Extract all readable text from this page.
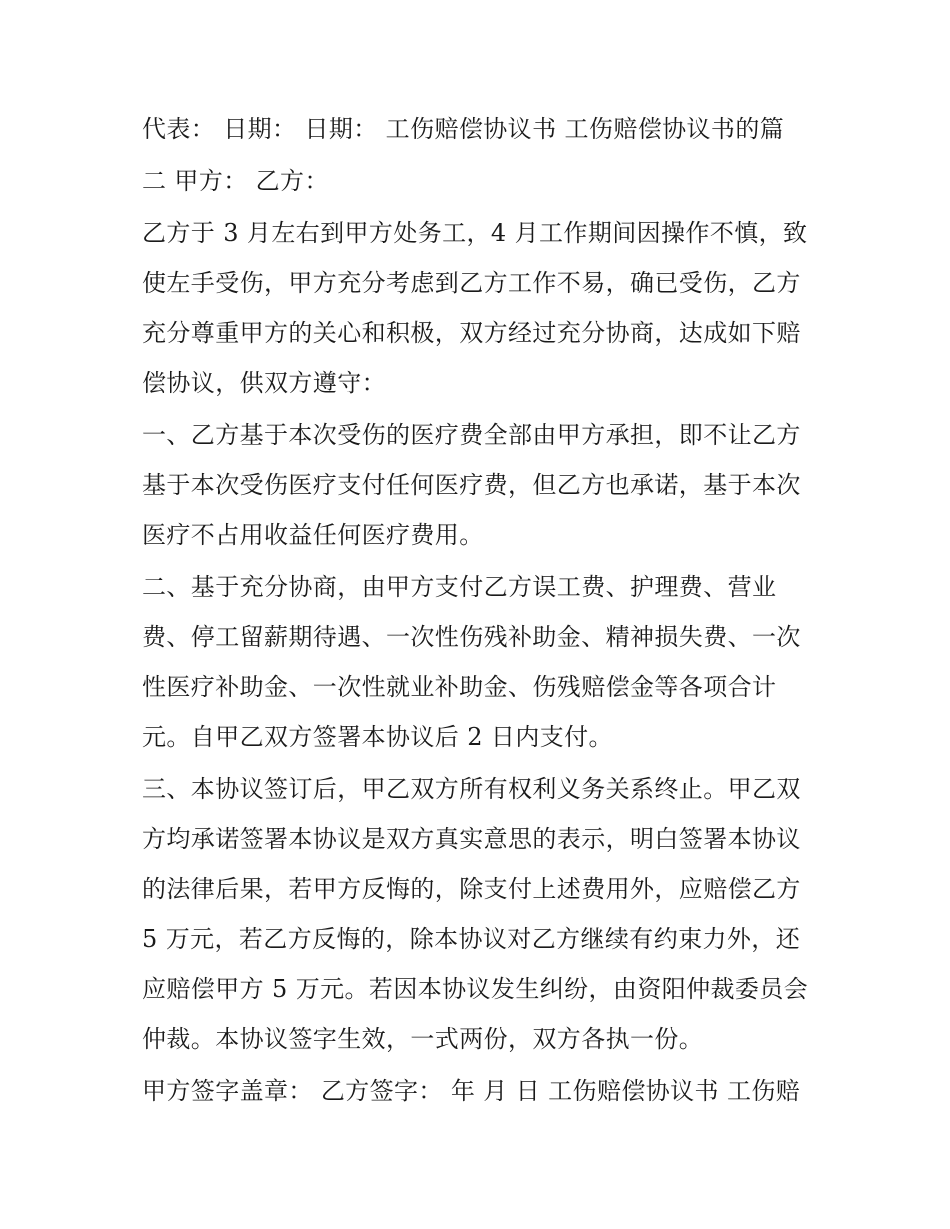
代表： 日期： 日期： 工伤赔偿协议书 工伤赔偿协议书的篇

二 甲方： 乙方：

乙方于 3 月左右到甲方处务工，4 月工作期间因操作不慎，致

使左手受伤，甲方充分考虑到乙方工作不易，确已受伤，乙方

充分尊重甲方的关心和积极，双方经过充分协商，达成如下赔

偿协议，供双方遵守：

一、乙方基于本次受伤的医疗费全部由甲方承担，即不让乙方

基于本次受伤医疗支付任何医疗费，但乙方也承诺，基于本次

医疗不占用收益任何医疗费用。

二、基于充分协商，由甲方支付乙方误工费、护理费、营业

费、停工留薪期待遇、一次性伤残补助金、精神损失费、一次

性医疗补助金、一次性就业补助金、伤残赔偿金等各项合计

元。自甲乙双方签署本协议后 2 日内支付。

三、本协议签订后，甲乙双方所有权利义务关系终止。甲乙双

方均承诺签署本协议是双方真实意思的表示，明白签署本协议

的法律后果，若甲方反悔的，除支付上述费用外，应赔偿乙方

5 万元，若乙方反悔的，除本协议对乙方继续有约束力外，还

应赔偿甲方 5 万元。若因本协议发生纠纷，由资阳仲裁委员会

仲裁。本协议签字生效，一式两份，双方各执一份。

甲方签字盖章： 乙方签字： 年 月 日 工伤赔偿协议书 工伤赔
